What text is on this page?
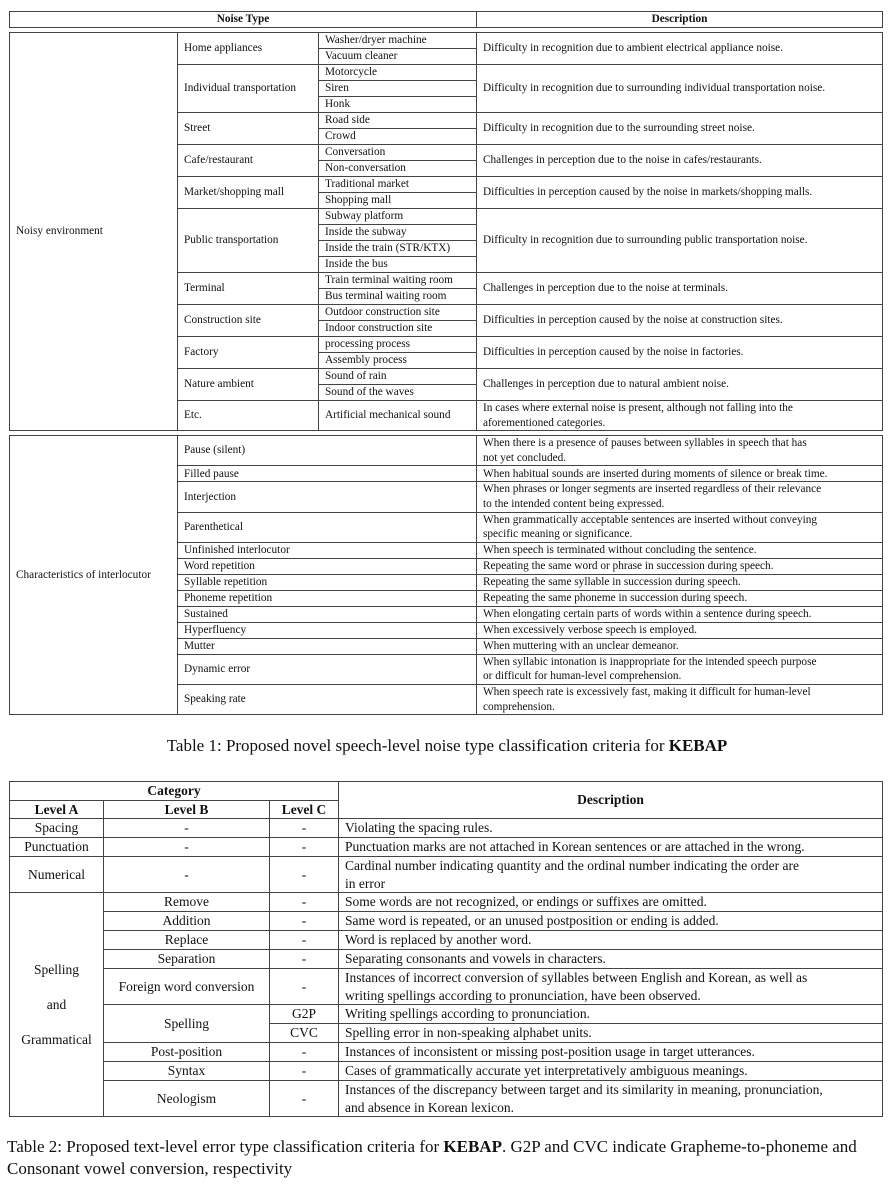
Noise Type			Description

Noisy environment	Home appliances	Washer/dryer machine	Difficulty in recognition due to ambient electrical appliance noise.
		Vacuum cleaner	
	Individual transportation	Motorcycle	Difficulty in recognition due to surrounding individual transportation noise.
		Siren	
		Honk	
	Street	Road side	Difficulty in recognition due to the surrounding street noise.
		Crowd	
	Cafe/restaurant	Conversation	Challenges in perception due to the noise in cafes/restaurants.
		Non-conversation	
	Market/shopping mall	Traditional market	Difficulties in perception caused by the noise in markets/shopping malls.
		Shopping mall	
	Public transportation	Subway platform	Difficulty in recognition due to surrounding public transportation noise.
		Inside the subway	
		Inside the train (STR/KTX)	
		Inside the bus	
	Terminal	Train terminal waiting room	Challenges in perception due to the noise at terminals.
		Bus terminal waiting room	
	Construction site	Outdoor construction site	Difficulties in perception caused by the noise at construction sites.
		Indoor construction site	
	Factory	processing process	Difficulties in perception caused by the noise in factories.
		Assembly process	
	Nature ambient	Sound of rain	Challenges in perception due to natural ambient noise.
		Sound of the waves	
	Etc.	Artificial mechanical sound	In cases where external noise is present, although not falling into the
aforementioned categories.

Characteristics of interlocutor	Pause (silent)		When there is a presence of pauses between syllables in speech that has
not yet concluded.
	Filled pause		When habitual sounds are inserted during moments of silence or break time.
	Interjection		When phrases or longer segments are inserted regardless of their relevance
to the intended content being expressed.
	Parenthetical		When grammatically acceptable sentences are inserted without conveying
specific meaning or significance.
	Unfinished interlocutor		When speech is terminated without concluding the sentence.
	Word repetition		Repeating the same word or phrase in succession during speech.
	Syllable repetition		Repeating the same syllable in succession during speech.
	Phoneme repetition		Repeating the same phoneme in succession during speech.
	Sustained		When elongating certain parts of words within a sentence during speech.
	Hyperfluency		When excessively verbose speech is employed.
	Mutter		When muttering with an unclear demeanor.
	Dynamic error		When syllabic intonation is inappropriate for the intended speech purpose
or difficult for human-level comprehension.
	Speaking rate		When speech rate is excessively fast, making it difficult for human-level
comprehension.
Table 1: Proposed novel speech-level noise type classification criteria for KEBAP
Category			Description
Level A	Level B	Level C	
Spacing	-	-	Violating the spacing rules.
Punctuation	-	-	Punctuation marks are not attached in Korean sentences or are attached in the wrong.
Numerical	-	-	Cardinal number indicating quantity and the ordinal number indicating the order are
in error
Spelling

and

Grammatical	Remove	-	Some words are not recognized, or endings or suffixes are omitted.
	Addition	-	Same word is repeated, or an unused postposition or ending is added.
	Replace	-	Word is replaced by another word.
	Separation	-	Separating consonants and vowels in characters.
	Foreign word conversion	-	Instances of incorrect conversion of syllables between English and Korean, as well as
writing spellings according to pronunciation, have been observed.
	Spelling	G2P	Writing spellings according to pronunciation.
		CVC	Spelling error in non-speaking alphabet units.
	Post-position	-	Instances of inconsistent or missing post-position usage in target utterances.
	Syntax	-	Cases of grammatically accurate yet interpretatively ambiguous meanings.
	Neologism	-	Instances of the discrepancy between target and its similarity in meaning, pronunciation,
and absence in Korean lexicon.
Table 2: Proposed text-level error type classification criteria for KEBAP. G2P and CVC indicate Grapheme-to-phoneme and Consonant vowel conversion, respectivity
